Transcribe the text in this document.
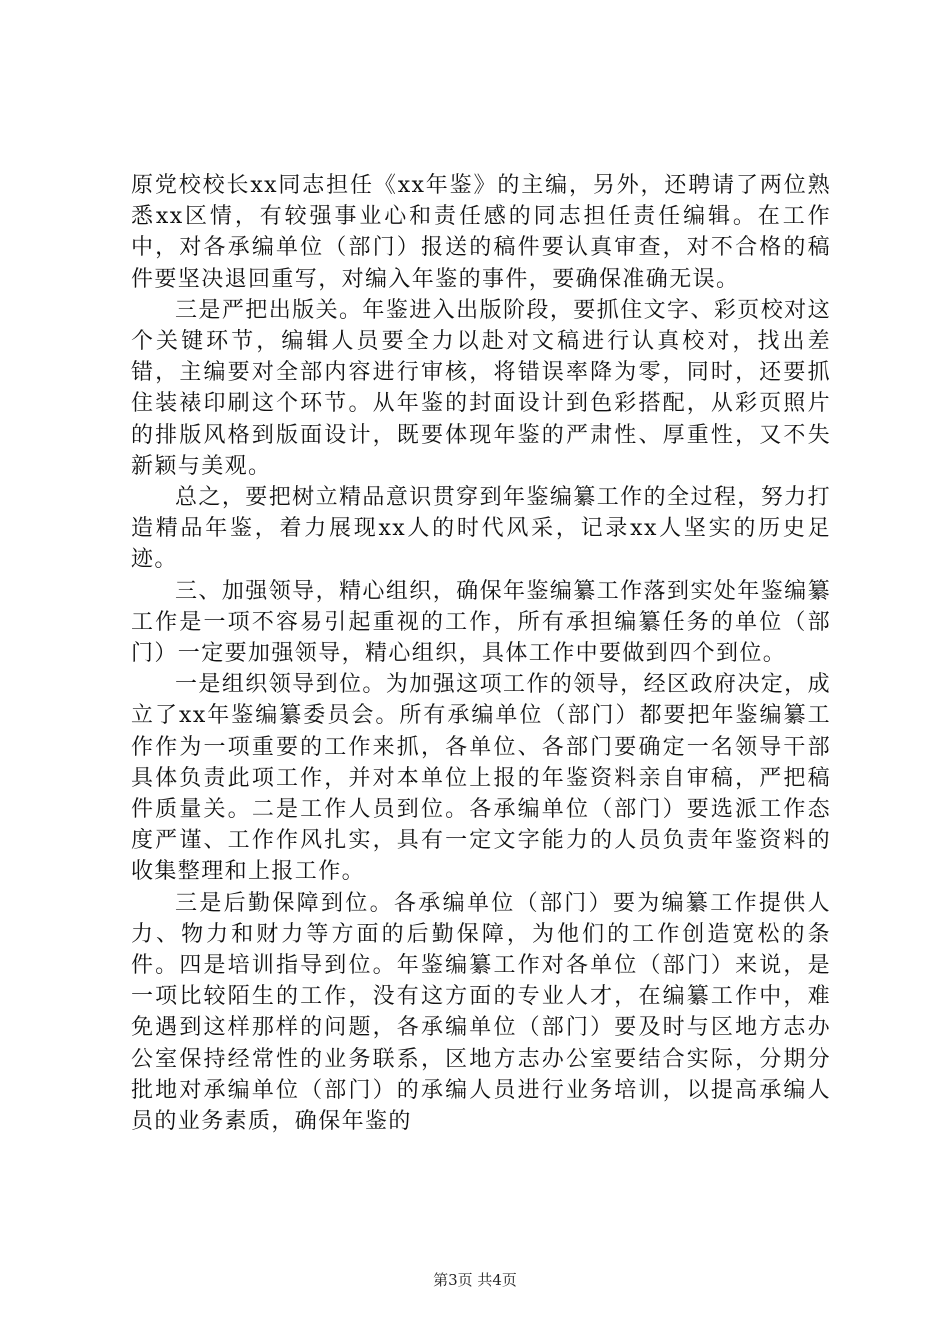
原党校校长xx同志担任《xx年鉴》的主编，另外，还聘请了两位熟悉xx区情，有较强事业心和责任感的同志担任责任编辑。在工作中，对各承编单位（部门）报送的稿件要认真审查，对不合格的稿件要坚决退回重写，对编入年鉴的事件，要确保准确无误。

三是严把出版关。年鉴进入出版阶段，要抓住文字、彩页校对这个关键环节，编辑人员要全力以赴对文稿进行认真校对，找出差错，主编要对全部内容进行审核，将错误率降为零，同时，还要抓住装裱印刷这个环节。从年鉴的封面设计到色彩搭配，从彩页照片的排版风格到版面设计，既要体现年鉴的严肃性、厚重性，又不失新颖与美观。

总之，要把树立精品意识贯穿到年鉴编纂工作的全过程，努力打造精品年鉴，着力展现xx人的时代风采，记录xx人坚实的历史足迹。

三、加强领导，精心组织，确保年鉴编纂工作落到实处年鉴编纂工作是一项不容易引起重视的工作，所有承担编纂任务的单位（部门）一定要加强领导，精心组织，具体工作中要做到四个到位。

一是组织领导到位。为加强这项工作的领导，经区政府决定，成立了xx年鉴编纂委员会。所有承编单位（部门）都要把年鉴编纂工作作为一项重要的工作来抓，各单位、各部门要确定一名领导干部具体负责此项工作，并对本单位上报的年鉴资料亲自审稿，严把稿件质量关。二是工作人员到位。各承编单位（部门）要选派工作态度严谨、工作作风扎实，具有一定文字能力的人员负责年鉴资料的收集整理和上报工作。

三是后勤保障到位。各承编单位（部门）要为编纂工作提供人力、物力和财力等方面的后勤保障，为他们的工作创造宽松的条件。四是培训指导到位。年鉴编纂工作对各单位（部门）来说，是一项比较陌生的工作，没有这方面的专业人才，在编纂工作中，难免遇到这样那样的问题，各承编单位（部门）要及时与区地方志办公室保持经常性的业务联系，区地方志办公室要结合实际，分期分批地对承编单位（部门）的承编人员进行业务培训，以提高承编人员的业务素质，确保年鉴的

第3页 共4页
